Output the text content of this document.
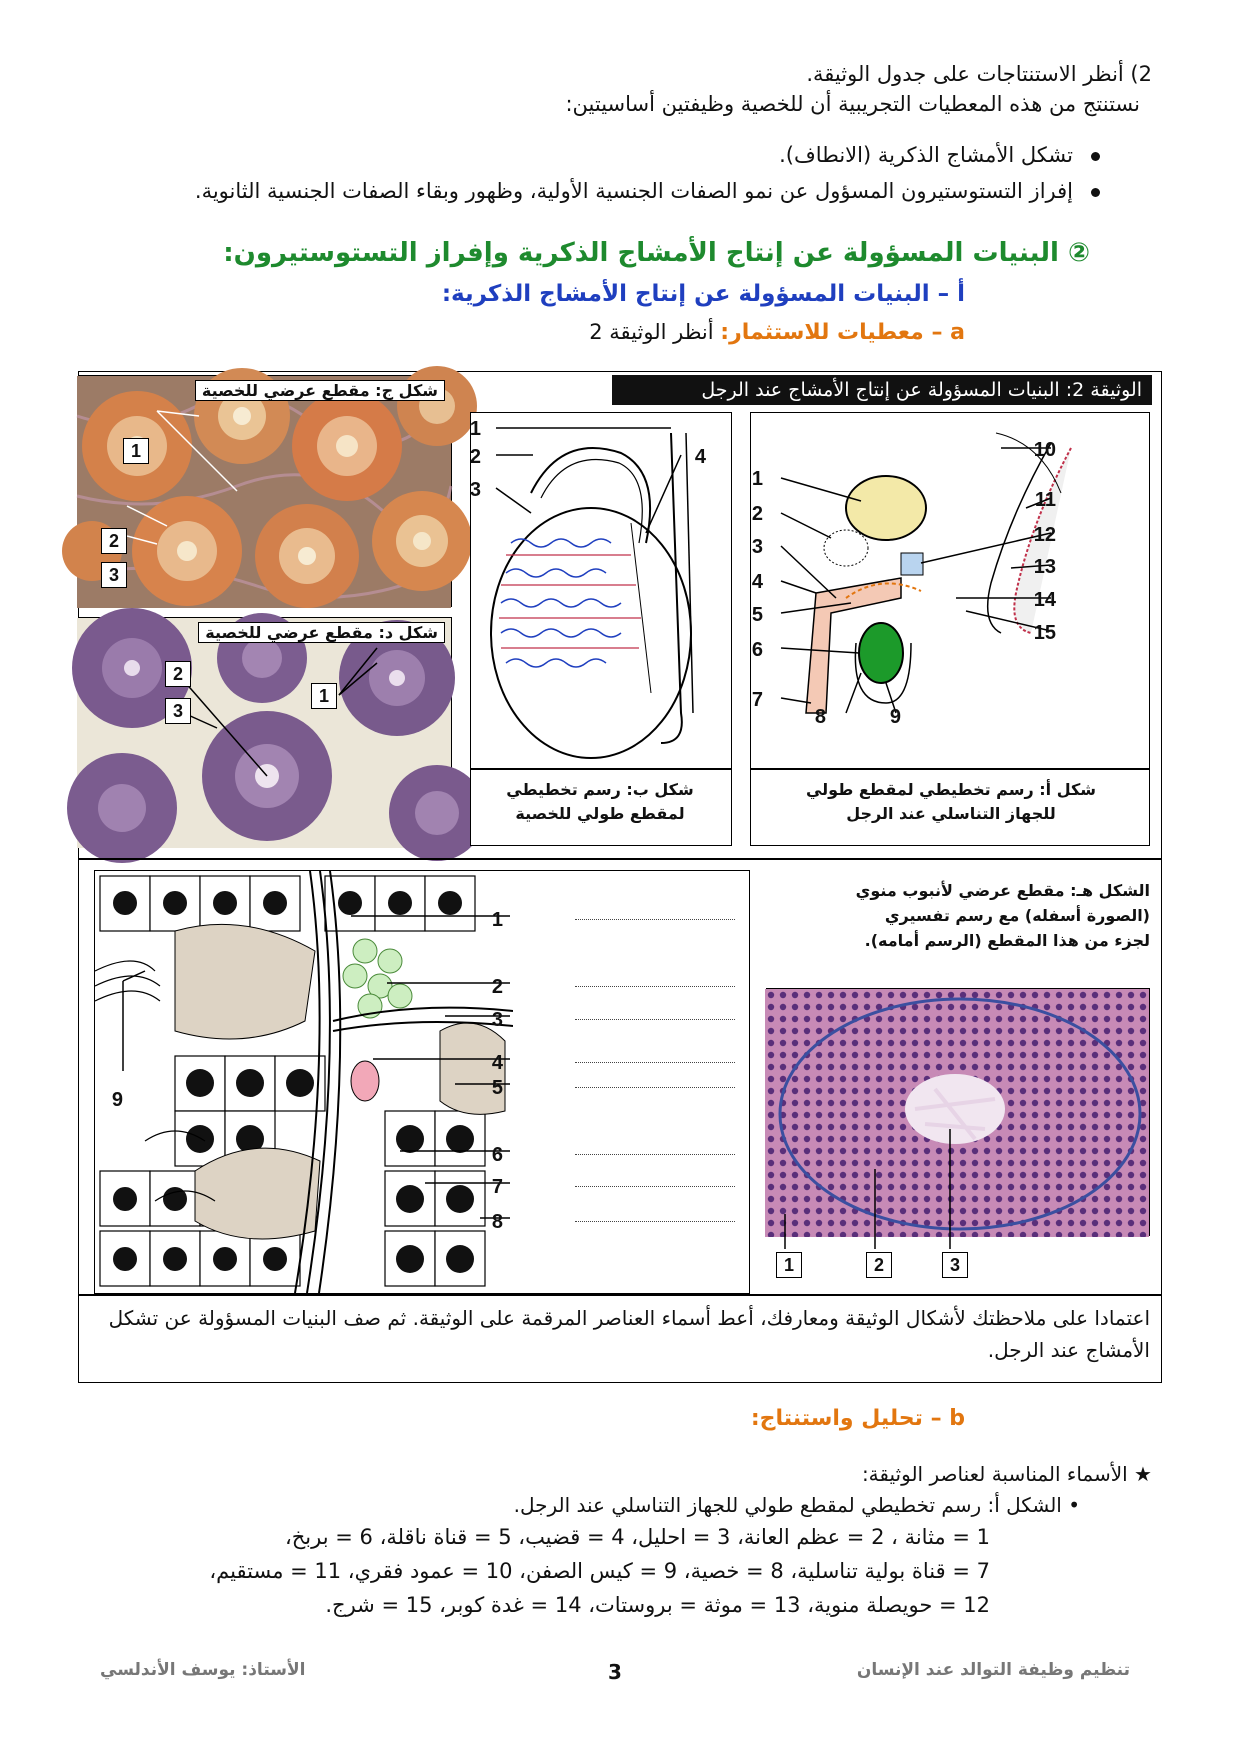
2) أنظر الاستنتاجات على جدول الوثيقة.
نستنتج من هذه المعطيات التجريبية أن للخصية وظيفتين أساسيتين:
تشكل الأمشاج الذكرية (الانطاف).
إفراز التستوستيرون المسؤول عن نمو الصفات الجنسية الأولية، وظهور وبقاء الصفات الجنسية الثانوية.
② البنيات المسؤولة عن إنتاج الأمشاج الذكرية وإفراز التستوستيرون:
أ – البنيات المسؤولة عن إنتاج الأمشاج الذكرية:
a – معطيات للاستثمار: أنظر الوثيقة 2
الوثيقة 2: البنيات المسؤولة عن إنتاج الأمشاج عند الرجل
شكل ج: مقطع عرضي للخصية
1
2
3
شكل د: مقطع عرضي للخصية
2
3
1
1
2
3
4
شكل ب: رسم تخطيطي لمقطع طولي للخصية
1
2
3
4
5
6
7
8	9
10
11
12
13
14
15
شكل أ: رسم تخطيطي لمقطع طولي للجهاز التناسلي عند الرجل
1
2
3
4
5
6
7
8
9
الشكل هـ: مقطع عرضي لأنبوب منوي
(الصورة أسفله) مع رسم تفسيري
لجزء من هذا المقطع (الرسم أمامه).
1	2	3
اعتمادا على ملاحظتك لأشكال الوثيقة ومعارفك، أعط أسماء العناصر المرقمة على الوثيقة. ثم صف البنيات المسؤولة عن تشكل الأمشاج عند الرجل.
b – تحليل واستنتاج:
★ الأسماء المناسبة لعناصر الوثيقة:
• الشكل أ: رسم تخطيطي لمقطع طولي للجهاز التناسلي عند الرجل.
1 = مثانة ، 2 = عظم العانة، 3 = احليل، 4 = قضيب، 5 = قناة ناقلة، 6 = بربخ،
7 = قناة بولية تناسلية، 8 = خصية، 9 = كيس الصفن، 10 = عمود فقري، 11 = مستقيم،
12 = حويصلة منوية، 13 = موثة = بروستات، 14 = غدة كوبر، 15 = شرج.
تنظيم وظيفة التوالد عند الإنسان
3
الأستاذ: يوسف الأندلسي
